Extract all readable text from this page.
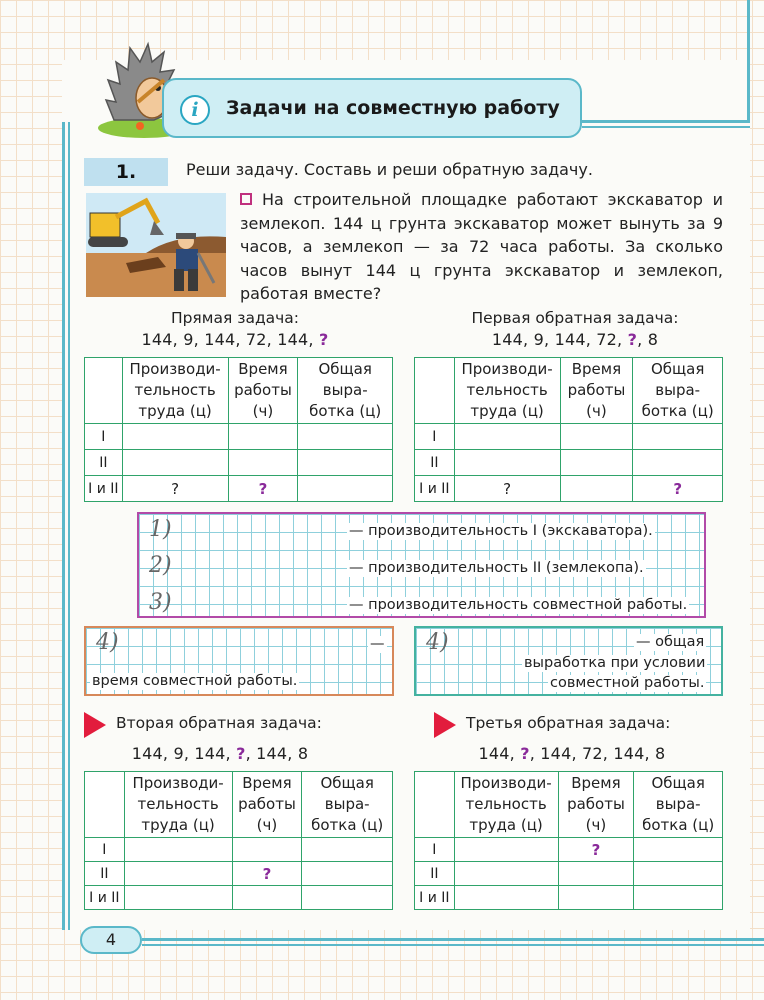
i	Задачи на совместную работу
1.	Реши задачу. Составь и реши обратную задачу.
На строительной площадке работают экскаватор и землекоп. 144 ц грунта экскаватор может вынуть за 9 часов, а землекоп — за 72 часа работы. За сколько часов вынут 144 ц грунта экскаватор и землекоп, работая вместе?
Прямая задача:
144, 9, 144, 72, 144, ?
Первая обратная задача:
144, 9, 144, 72, ?, 8
	Производи-
тельность
труда (ц)	Время
работы
(ч)	Общая
выра-
ботка (ц)
I			
II			
I и II	?	?	
	Производи-
тельность
труда (ц)	Время
работы
(ч)	Общая
выра-
ботка (ц)
I			
II			
I и II	?		?
1)	— производительность I (экскаватора).
2)	— производительность II (землекопа).
3)	— производительность совместной работы.
4)	—
время совместной работы.
4)	— общая
выработка при условии
совместной работы.
Вторая обратная задача:
144, 9, 144, ?, 144, 8
Третья обратная задача:
144, ?, 144, 72, 144, 8
	Производи-
тельность
труда (ц)	Время
работы
(ч)	Общая
выра-
ботка (ц)
I			
II		?	
I и II			
	Производи-
тельность
труда (ц)	Время
работы
(ч)	Общая
выра-
ботка (ц)
I		?	
II			
I и II			
4
